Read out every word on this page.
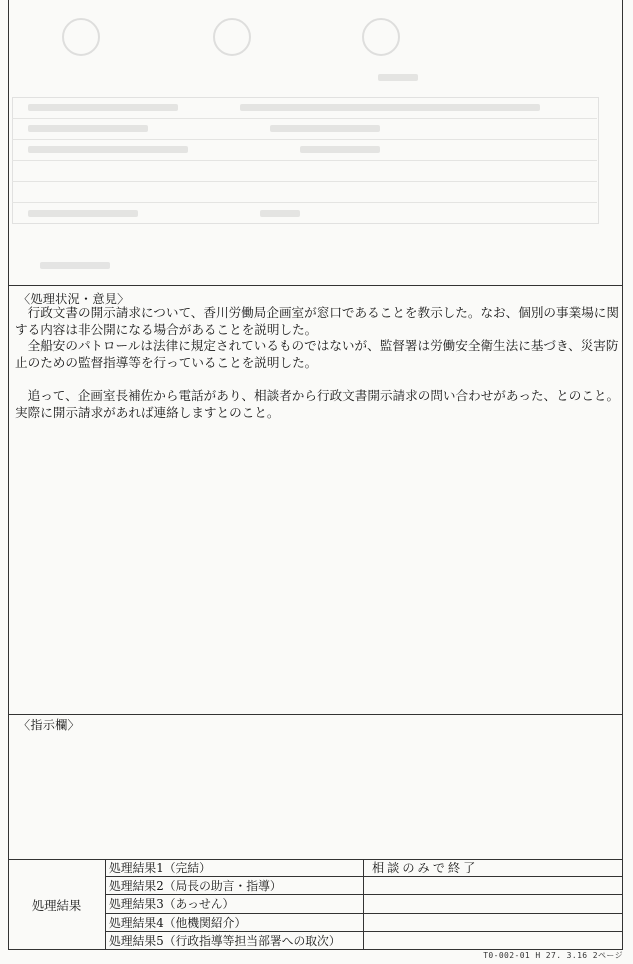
〈処理状況・意見〉

行政文書の開示請求について、香川労働局企画室が窓口であることを教示した。なお、個別の事業場に関する内容は非公開になる場合があることを説明した。

全船安のパトロールは法律に規定されているものではないが、監督署は労働安全衛生法に基づき、災害防止のための監督指導等を行っていることを説明した。

追って、企画室長補佐から電話があり、相談者から行政文書開示請求の問い合わせがあった、とのこと。実際に開示請求があれば連絡しますとのこと。

〈指示欄〉
処理結果
処理結果1（完結）	相談のみで終了
処理結果2（局長の助言・指導）
処理結果3（あっせん）
処理結果4（他機関紹介）
処理結果5（行政指導等担当部署への取次）
T0-002-01 H 27. 3.16 2ページ
